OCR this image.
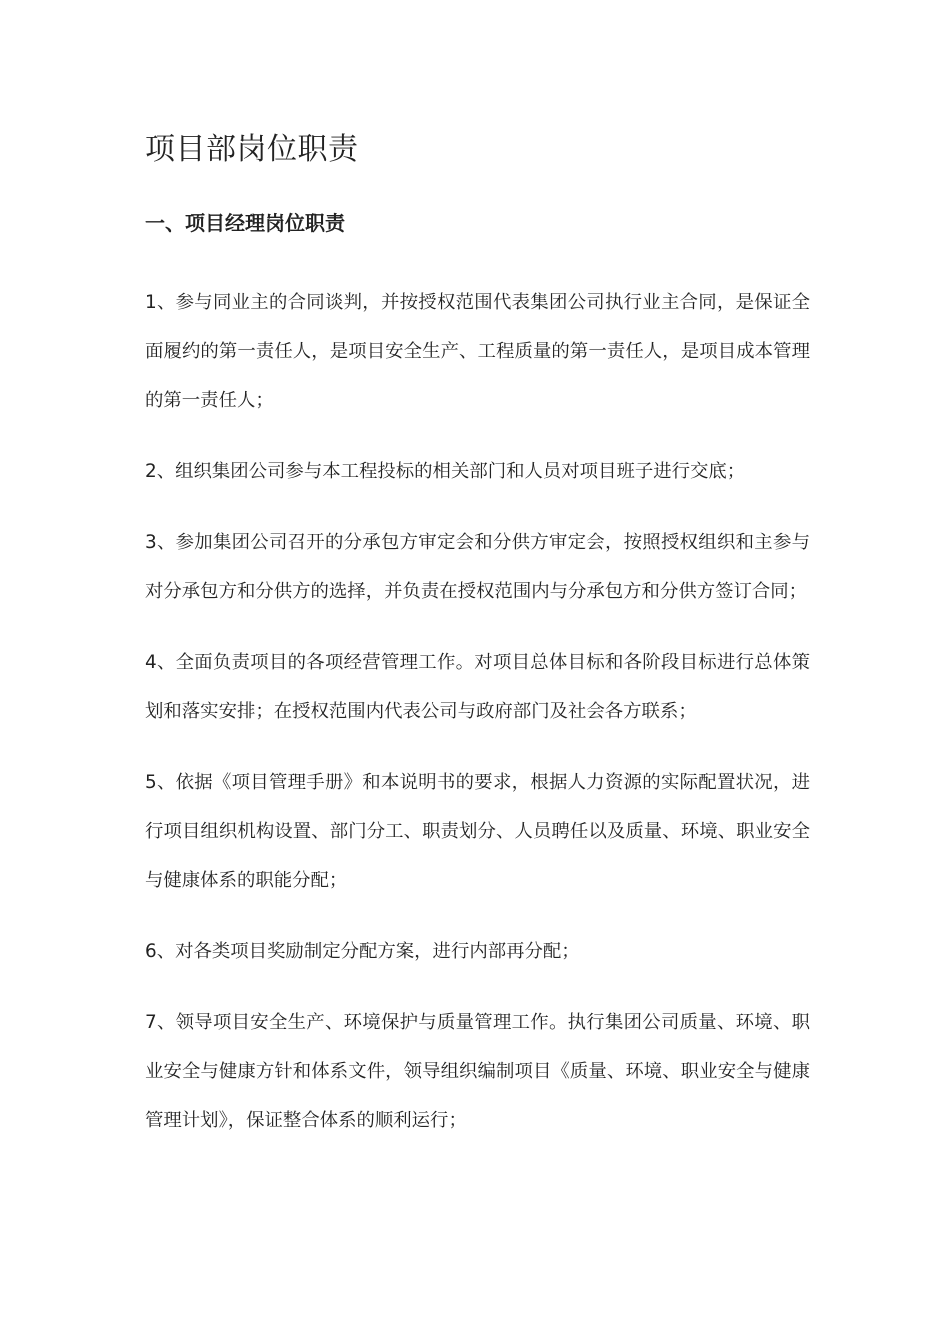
项目部岗位职责
一、项目经理岗位职责

1、参与同业主的合同谈判，并按授权范围代表集团公司执行业主合同，是保证全面履约的第一责任人，是项目安全生产、工程质量的第一责任人，是项目成本管理的第一责任人；

2、组织集团公司参与本工程投标的相关部门和人员对项目班子进行交底；

3、参加集团公司召开的分承包方审定会和分供方审定会，按照授权组织和主参与对分承包方和分供方的选择，并负责在授权范围内与分承包方和分供方签订合同；

4、全面负责项目的各项经营管理工作。对项目总体目标和各阶段目标进行总体策划和落实安排；在授权范围内代表公司与政府部门及社会各方联系；

5、依据《项目管理手册》和本说明书的要求，根据人力资源的实际配置状况，进行项目组织机构设置、部门分工、职责划分、人员聘任以及质量、环境、职业安全与健康体系的职能分配；

6、对各类项目奖励制定分配方案，进行内部再分配；

7、领导项目安全生产、环境保护与质量管理工作。执行集团公司质量、环境、职业安全与健康方针和体系文件，领导组织编制项目《质量、环境、职业安全与健康管理计划》，保证整合体系的顺利运行；
